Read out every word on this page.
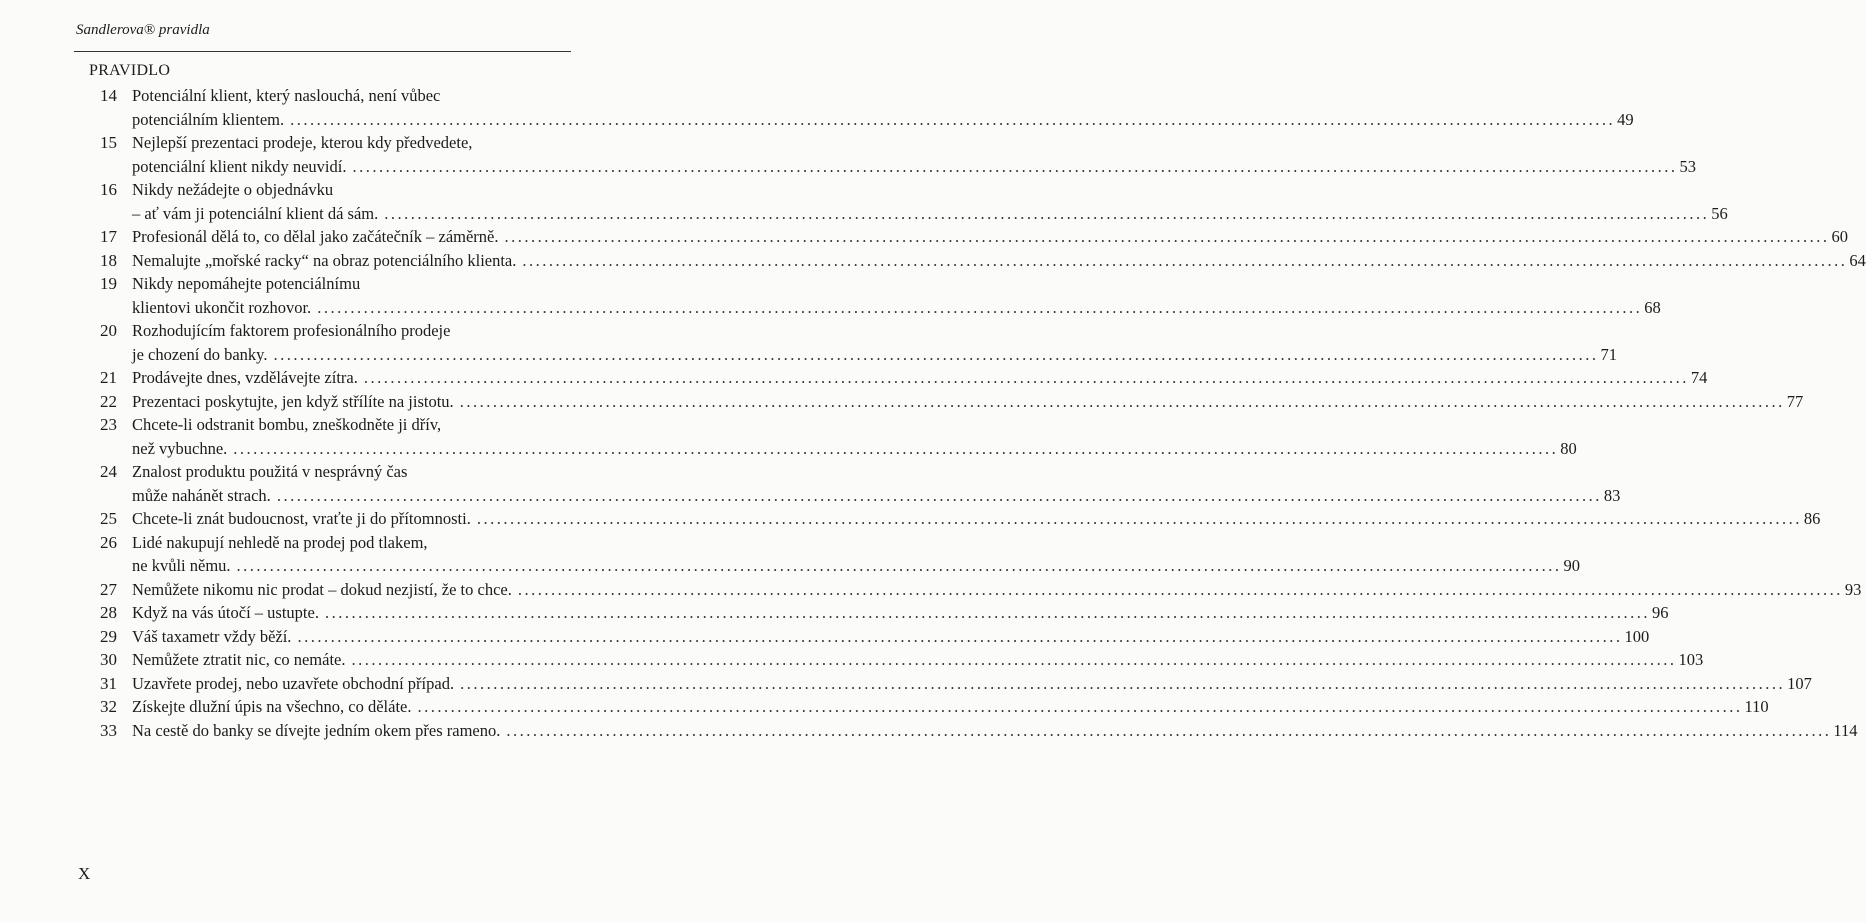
Sandlerova® pravidla
PRAVIDLO
14 Potenciální klient, který naslouchá, není vůbec
potenciálním klientem. ........................................................................................................................................................................................................ 49
15 Nejlepší prezentaci prodeje, kterou kdy předvedete,
potenciální klient nikdy neuvidí. ........................................................................................................................................................................................................ 53
16 Nikdy nežádejte o objednávku
– ať vám ji potenciální klient dá sám. ........................................................................................................................................................................................................ 56
17 Profesionál dělá to, co dělal jako začátečník – záměrně. ........................................................................................................................................................................................................ 60
18 Nemalujte „mořské racky“ na obraz potenciálního klienta. ........................................................................................................................................................................................................ 64
19 Nikdy nepomáhejte potenciálnímu
klientovi ukončit rozhovor. ........................................................................................................................................................................................................ 68
20 Rozhodujícím faktorem profesionálního prodeje
je chození do banky. ........................................................................................................................................................................................................ 71
21 Prodávejte dnes, vzdělávejte zítra. ........................................................................................................................................................................................................ 74
22 Prezentaci poskytujte, jen když střílíte na jistotu. ........................................................................................................................................................................................................ 77
23 Chcete-li odstranit bombu, zneškodněte ji dřív,
než vybuchne. ........................................................................................................................................................................................................ 80
24 Znalost produktu použitá v nesprávný čas
může nahánět strach. ........................................................................................................................................................................................................ 83
25 Chcete-li znát budoucnost, vraťte ji do přítomnosti. ........................................................................................................................................................................................................ 86
26 Lidé nakupují nehledě na prodej pod tlakem,
ne kvůli němu. ........................................................................................................................................................................................................ 90
27 Nemůžete nikomu nic prodat – dokud nezjistí, že to chce. ........................................................................................................................................................................................................ 93
28 Když na vás útočí – ustupte. ........................................................................................................................................................................................................ 96
29 Váš taxametr vždy běží. ........................................................................................................................................................................................................ 100
30 Nemůžete ztratit nic, co nemáte. ........................................................................................................................................................................................................ 103
31 Uzavřete prodej, nebo uzavřete obchodní případ. ........................................................................................................................................................................................................ 107
32 Získejte dlužní úpis na všechno, co děláte. ........................................................................................................................................................................................................ 110
33 Na cestě do banky se dívejte jedním okem přes rameno. ........................................................................................................................................................................................................ 114
X
